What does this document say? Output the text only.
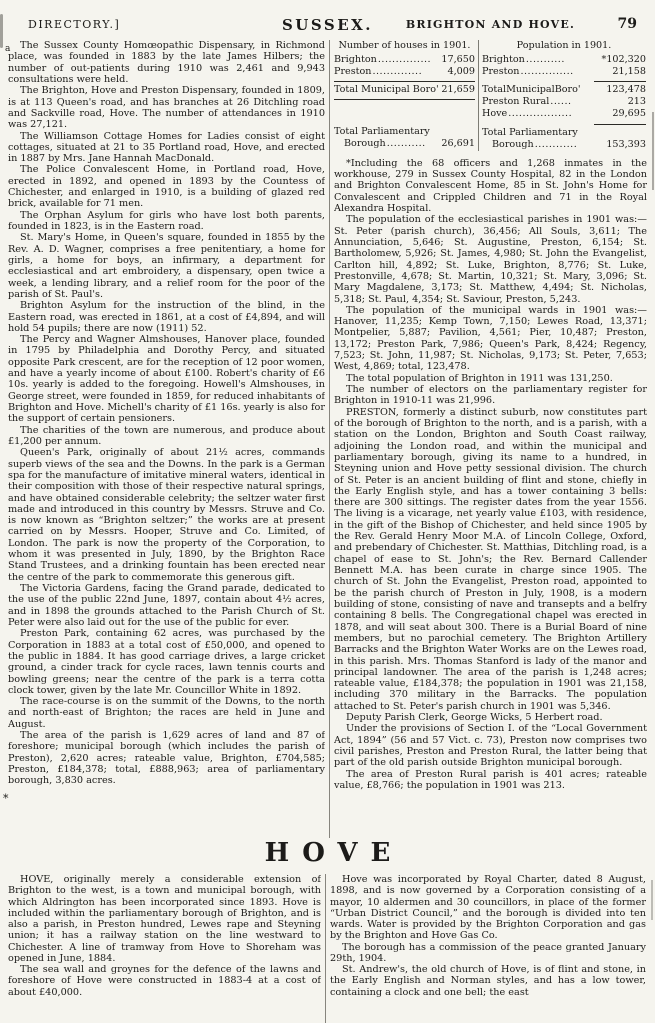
DIRECTORY.]	SUSSEX.	BRIGHTON AND HOVE.	79
a
*

The Sussex County Homœopathic Dispensary, in Richmond place, was founded in 1883 by the late James Hilbers; the number of out-patients during 1910 was 2,461 and 9,943 consultations were held.

The Brighton, Hove and Preston Dispensary, founded in 1809, is at 113 Queen's road, and has branches at 26 Ditchling road and Sackville road, Hove. The number of attendances in 1910 was 27,121.

The Williamson Cottage Homes for Ladies consist of eight cottages, situated at 21 to 35 Portland road, Hove, and erected in 1887 by Mrs. Jane Hannah MacDonald.

The Police Convalescent Home, in Portland road, Hove, erected in 1892, and opened in 1893 by the Countess of Chichester, and enlarged in 1910, is a building of glazed red brick, available for 71 men.

The Orphan Asylum for girls who have lost both parents, founded in 1823, is in the Eastern road.

St. Mary's Home, in Queen's square, founded in 1855 by the Rev. A. D. Wagner, comprises a free penitentiary, a home for girls, a home for boys, an infirmary, a department for ecclesiastical and art embroidery, a dispensary, open twice a week, a lending library, and a relief room for the poor of the parish of St. Paul's.

Brighton Asylum for the instruction of the blind, in the Eastern road, was erected in 1861, at a cost of £4,894, and will hold 54 pupils; there are now (1911) 52.

The Percy and Wagner Almshouses, Hanover place, founded in 1795 by Philadelphia and Dorothy Percy, and situated opposite Park crescent, are for the reception of 12 poor women, and have a yearly income of about £100. Robert's charity of £6 10s. yearly is added to the foregoing. Howell's Almshouses, in George street, were founded in 1859, for reduced inhabitants of Brighton and Hove. Michell's charity of £1 16s. yearly is also for the support of certain pensioners.

The charities of the town are numerous, and produce about £1,200 per annum.

Queen's Park, originally of about 21½ acres, commands superb views of the sea and the Downs. In the park is a German spa for the manufacture of imitative mineral waters, identical in their composition with those of their respective natural springs, and have obtained considerable celebrity; the seltzer water first made and introduced in this country by Messrs. Struve and Co. is now known as “Brighton seltzer;” the works are at present carried on by Messrs. Hooper, Struve and Co. Limited, of London. The park is now the property of the Corporation, to whom it was presented in July, 1890, by the Brighton Race Stand Trustees, and a drinking fountain has been erected near the centre of the park to commemorate this generous gift.

The Victoria Gardens, facing the Grand parade, dedicated to the use of the public 22nd June, 1897, contain about 4½ acres, and in 1898 the grounds attached to the Parish Church of St. Peter were also laid out for the use of the public for ever.

Preston Park, containing 62 acres, was purchased by the Corporation in 1883 at a total cost of £50,000, and opened to the public in 1884. It has good carriage drives, a large cricket ground, a cinder track for cycle races, lawn tennis courts and bowling greens; near the centre of the park is a terra cotta clock tower, given by the late Mr. Councillor White in 1892.

The race-course is on the summit of the Downs, to the north and north-east of Brighton; the races are held in June and August.

The area of the parish is 1,629 acres of land and 87 of foreshore; municipal borough (which includes the parish of Preston), 2,620 acres; rateable value, Brighton, £704,585; Preston, £184,378; total, £888,963; area of parliamentary borough, 3,830 acres.

Number of houses in 1901.

Brighton ...............	17,650
Preston ..............	4,009
Total Municipal Boro' 21,659
Total Parliamentary
Borough ...........	26,691

Population in 1901.

Brighton ...........	*102,320
Preston ...............	21,158
TotalMunicipalBoro'	123,478
Preston Rural ......	213
Hove ..................	29,695
Total Parliamentary
Borough ............	153,393

*Including the 68 officers and 1,268 inmates in the workhouse, 279 in Sussex County Hospital, 82 in the London and Brighton Convalescent Home, 85 in St. John's Home for Convalescent and Crippled Children and 71 in the Royal Alexandra Hospital.

The population of the ecclesiastical parishes in 1901 was:—St. Peter (parish church), 36,456; All Souls, 3,611; The Annunciation, 5,646; St. Augustine, Preston, 6,154; St. Bartholomew, 5,926; St. James, 4,980; St. John the Evangelist, Carlton hill, 4,892; St. Luke, Brighton, 8,776; St. Luke, Prestonville, 4,678; St. Martin, 10,321; St. Mary, 3,096; St. Mary Magdalene, 3,173; St. Matthew, 4,494; St. Nicholas, 5,318; St. Paul, 4,354; St. Saviour, Preston, 5,243.

The population of the municipal wards in 1901 was:—Hanover, 11,235; Kemp Town, 7,150; Lewes Road, 13,371; Montpelier, 5,887; Pavilion, 4,561; Pier, 10,487; Preston, 13,172; Preston Park, 7,986; Queen's Park, 8,424; Regency, 7,523; St. John, 11,987; St. Nicholas, 9,173; St. Peter, 7,653; West, 4,869; total, 123,478.

The total population of Brighton in 1911 was 131,250.

The number of electors on the parliamentary register for Brighton in 1910-11 was 21,996.

PRESTON, formerly a distinct suburb, now constitutes part of the borough of Brighton to the north, and is a parish, with a station on the London, Brighton and South Coast railway, adjoining the London road, and within the municipal and parliamentary borough, giving its name to a hundred, in Steyning union and Hove petty sessional division. The church of St. Peter is an ancient building of flint and stone, chiefly in the Early English style, and has a tower containing 3 bells: there are 300 sittings. The register dates from the year 1556. The living is a vicarage, net yearly value £103, with residence, in the gift of the Bishop of Chichester, and held since 1905 by the Rev. Gerald Henry Moor M.A. of Lincoln College, Oxford, and prebendary of Chichester. St. Matthias, Ditchling road, is a chapel of ease to St. John's; the Rev. Bernard Callender Bennett M.A. has been curate in charge since 1905. The church of St. John the Evangelist, Preston road, appointed to be the parish church of Preston in July, 1908, is a modern building of stone, consisting of nave and transepts and a belfry containing 8 bells. The Congregational chapel was erected in 1878, and will seat about 300. There is a Burial Board of nine members, but no parochial cemetery. The Brighton Artillery Barracks and the Brighton Water Works are on the Lewes road, in this parish. Mrs. Thomas Stanford is lady of the manor and principal landowner. The area of the parish is 1,248 acres; rateable value, £184,378; the population in 1901 was 21,158, including 370 military in the Barracks. The population attached to St. Peter's parish church in 1901 was 5,346.

Deputy Parish Clerk, George Wicks, 5 Herbert road.

Under the provisions of Section I. of the “Local Government Act, 1894” (56 and 57 Vict. c. 73), Preston now comprises two civil parishes, Preston and Preston Rural, the latter being that part of the old parish outside Brighton municipal borough.

The area of Preston Rural parish is 401 acres; rateable value, £8,766; the population in 1901 was 213.

HOVE

HOVE, originally merely a considerable extension of Brighton to the west, is a town and municipal borough, with which Aldrington has been incorporated since 1893. Hove is included within the parliamentary borough of Brighton, and is also a parish, in Preston hundred, Lewes rape and Steyning union; it has a railway station on the line westward to Chichester. A line of tramway from Hove to Shoreham was opened in June, 1884.

The sea wall and groynes for the defence of the lawns and foreshore of Hove were constructed in 1883-4 at a cost of about £40,000.

Hove was incorporated by Royal Charter, dated 8 August, 1898, and is now governed by a Corporation consisting of a mayor, 10 aldermen and 30 councillors, in place of the former “Urban District Council,” and the borough is divided into ten wards. Water is provided by the Brighton Corporation and gas by the Brighton and Hove Gas Co.

The borough has a commission of the peace granted January 29th, 1904.

St. Andrew's, the old church of Hove, is of flint and stone, in the Early English and Norman styles, and has a low tower, containing a clock and one bell; the east
